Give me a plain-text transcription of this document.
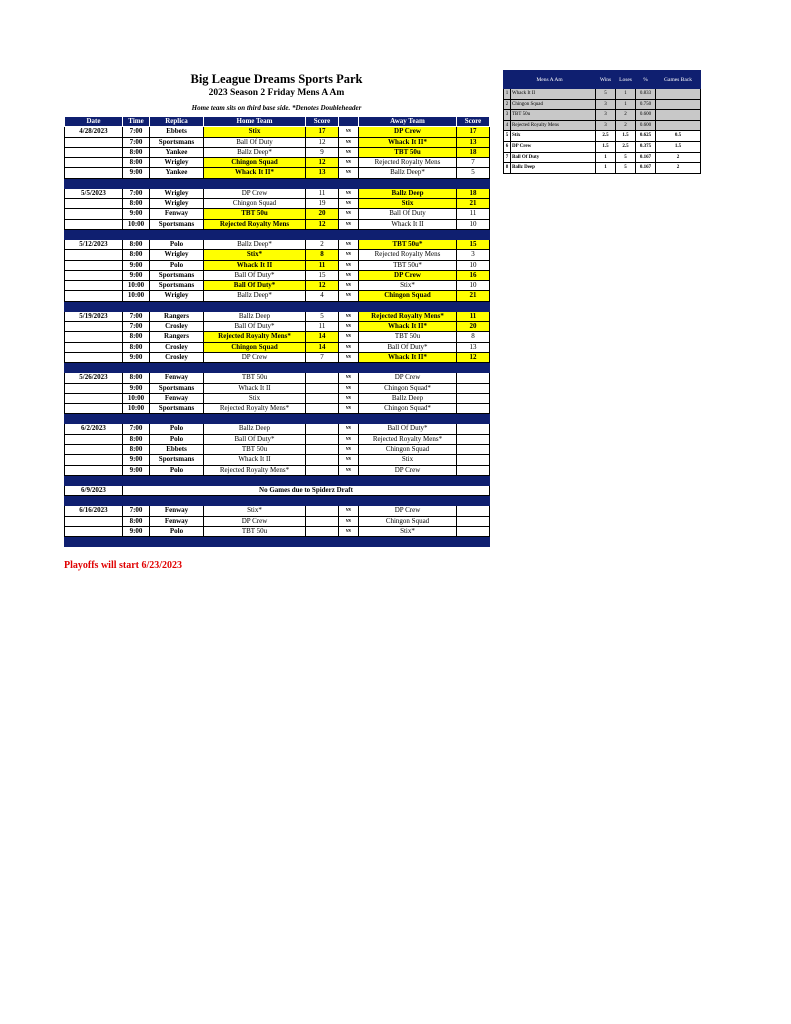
Big League Dreams Sports Park
2023 Season 2 Friday Mens A Am
Home team sits on third base side. *Denotes Doubleheader
Date	Time	Replica	Home Team	Score		Away Team	Score
4/28/2023	7:00	Ebbets	Stix	17	vs	DP Crew	17
	7:00	Sportsmans	Ball Of Duty	12	vs	Whack It II*	13
	8:00	Yankee	Ballz Deep*	9	vs	TBT 50u	18
	8:00	Wrigley	Chingon Squad	12	vs	Rejected Royalty Mens	7
	9:00	Yankee	Whack It II*	13	vs	Ballz Deep*	5

5/5/2023	7:00	Wrigley	DP Crew	11	vs	Ballz Deep	18
	8:00	Wrigley	Chingon Squad	19	vs	Stix	21
	9:00	Fenway	TBT 50u	20	vs	Ball Of Duty	11
	10:00	Sportsmans	Rejected Royalty Mens	12	vs	Whack It II	10

5/12/2023	8:00	Polo	Ballz Deep*	2	vs	TBT 50u*	15
	8:00	Wrigley	Stix*	8	vs	Rejected Royalty Mens	3
	9:00	Polo	Whack It II	11	vs	TBT 50u*	10
	9:00	Sportsmans	Ball Of Duty*	15	vs	DP Crew	16
	10:00	Sportsmans	Ball Of Duty*	12	vs	Stix*	10
	10:00	Wrigley	Ballz Deep*	4	vs	Chingon Squad	21

5/19/2023	7:00	Rangers	Ballz Deep	5	vs	Rejected Royalty Mens*	11
	7:00	Crosley	Ball Of Duty*	11	vs	Whack It II*	20
	8:00	Rangers	Rejected Royalty Mens*	14	vs	TBT 50u	8
	8:00	Crosley	Chingon Squad	14	vs	Ball Of Duty*	13
	9:00	Crosley	DP Crew	7	vs	Whack It II*	12

5/26/2023	8:00	Fenway	TBT 50u		vs	DP Crew	
	9:00	Sportsmans	Whack It II		vs	Chingon Squad*	
	10:00	Fenway	Stix		vs	Ballz Deep	
	10:00	Sportsmans	Rejected Royalty Mens*		vs	Chingon Squad*	

6/2/2023	7:00	Polo	Ballz Deep		vs	Ball Of Duty*	
	8:00	Polo	Ball Of Duty*		vs	Rejected Royalty Mens*	
	8:00	Ebbets	TBT 50u		vs	Chingon Squad	
	9:00	Sportsmans	Whack It II		vs	Stix	
	9:00	Polo	Rejected Royalty Mens*		vs	DP Crew	

6/9/2023	No Games due to Spiderz Draft						

6/16/2023	7:00	Fenway	Stix*		vs	DP Crew	
	8:00	Fenway	DP Crew		vs	Chingon Squad	
	9:00	Polo	TBT 50u		vs	Stix*	

Playoffs will start 6/23/2023
Mens A Am		Wins	Loses	%	Games Back
1	Whack It II	5	1	0.833	
2	Chingon Squad	3	1	0.750	
3	TBT 50u	3	2	0.600	
4	Rejected Royalty Mens	3	2	0.600	
5	Stix	2.5	1.5	0.625	0.5
6	DP Crew	1.5	2.5	0.375	1.5
7	Ball Of Duty	1	5	0.167	2
8	Ballz Deep	1	5	0.167	2
